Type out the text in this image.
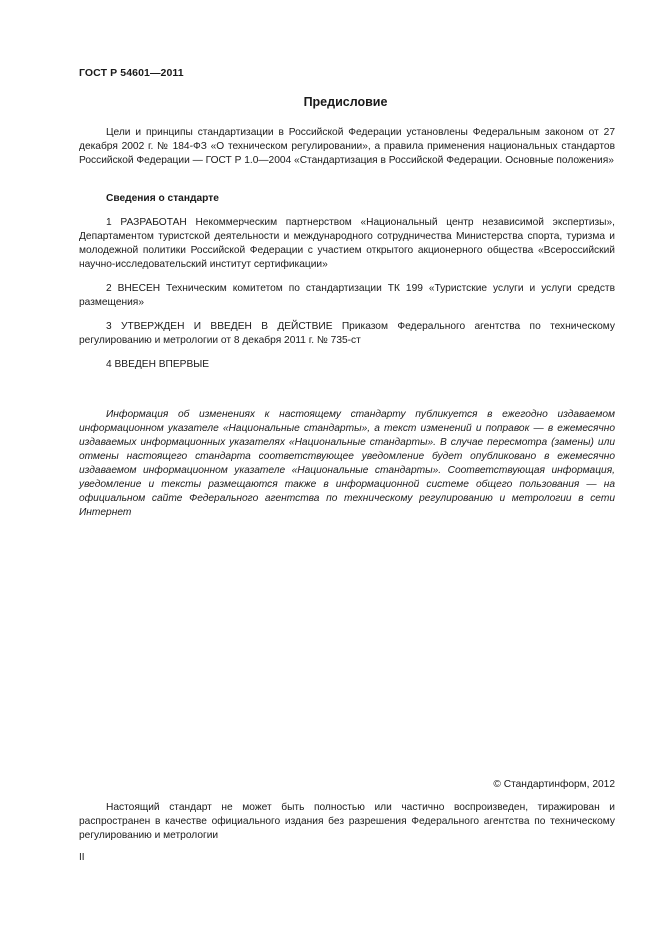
ГОСТ Р 54601—2011
Предисловие

Цели и принципы стандартизации в Российской Федерации установлены Федеральным законом от 27 декабря 2002 г. № 184-ФЗ «О техническом регулировании», а правила применения национальных стандартов Российской Федерации — ГОСТ Р 1.0—2004 «Стандартизация в Российской Федерации. Основные положения»

Сведения о стандарте

1 РАЗРАБОТАН Некоммерческим партнерством «Национальный центр независимой экспертизы», Департаментом туристской деятельности и международного сотрудничества Министерства спорта, туризма и молодежной политики Российской Федерации с участием открытого акционерного общества «Всероссийский научно-исследовательский институт сертификации»

2 ВНЕСЕН Техническим комитетом по стандартизации ТК 199 «Туристские услуги и услуги средств размещения»

3 УТВЕРЖДЕН И ВВЕДЕН В ДЕЙСТВИЕ Приказом Федерального агентства по техническому регулированию и метрологии от 8 декабря 2011 г. № 735-ст

4 ВВЕДЕН ВПЕРВЫЕ

Информация об изменениях к настоящему стандарту публикуется в ежегодно издаваемом информационном указателе «Национальные стандарты», а текст изменений и поправок — в ежемесячно издаваемых информационных указателях «Национальные стандарты». В случае пересмотра (замены) или отмены настоящего стандарта соответствующее уведомление будет опубликовано в ежемесячно издаваемом информационном указателе «Национальные стандарты». Соответствующая информация, уведомление и тексты размещаются также в информационной системе общего пользования — на официальном сайте Федерального агентства по техническому регулированию и метрологии в сети Интернет

© Стандартинформ, 2012

Настоящий стандарт не может быть полностью или частично воспроизведен, тиражирован и распространен в качестве официального издания без разрешения Федерального агентства по техническому регулированию и метрологии

II
